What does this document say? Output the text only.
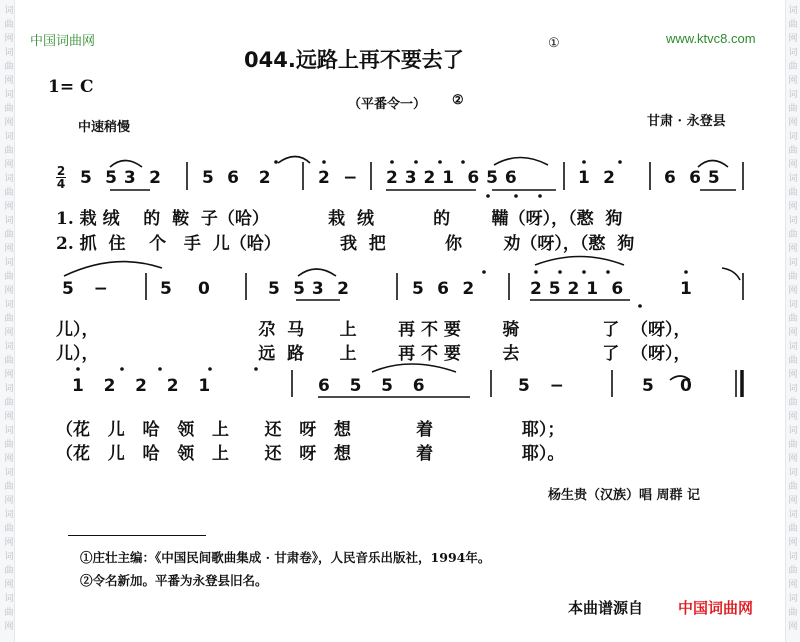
词
曲
网
词
曲
网
词
曲
网
词
曲
网
词
曲
网
词
曲
网
词
曲
网
词
曲
网
词
曲
网
词
曲
网
词
曲
网
词
曲
网
词
曲
网
词
曲
网
词
曲
网
词
曲
网
词
曲
网
词
曲
网
词
曲
网
词
曲
网
词
曲
网
词
曲
网
词
曲
网
词
曲
网
词
曲
网
词
曲
网
词
曲
网
词
曲
网
词
曲
网
词
曲
网
中国词曲网	www.ktvc8.com
044.远路上再不要去了
①
1= C
（平番令一） ②
中速稍慢	甘肃 · 永登县
2
4 5  5 3  2 5  6   2	2  − 2 3 2 1  6 5 6	1  2	6  6 5
1. 栽 绒    的  鞍  子（哈）          栽  绒          的       鞴（呀），（憨  狗
2. 抓  住    个   手  儿（哈）          我  把          你       劝（呀），（憨  狗
5   −	5    0	5  5 3  2	5  6  2	2 5 2 1  6	1
儿），                           尕  马      上       再 不 要       骑              了  （呀），
儿），                           远  路      上       再 不 要       去              了  （呀），
1   2   2   2   1	6   5   5   6	5   −	5    0
（花   儿   哈   领   上      还   呀   想           着               耶）；
（花   儿   哈   领   上      还   呀   想           着               耶）。
杨生贵（汉族）唱 周群 记
①庄壮主编：《中国民间歌曲集成 · 甘肃卷》，人民音乐出版社，1994年。
②令名新加。平番为永登县旧名。
本曲谱源自 中国词曲网
